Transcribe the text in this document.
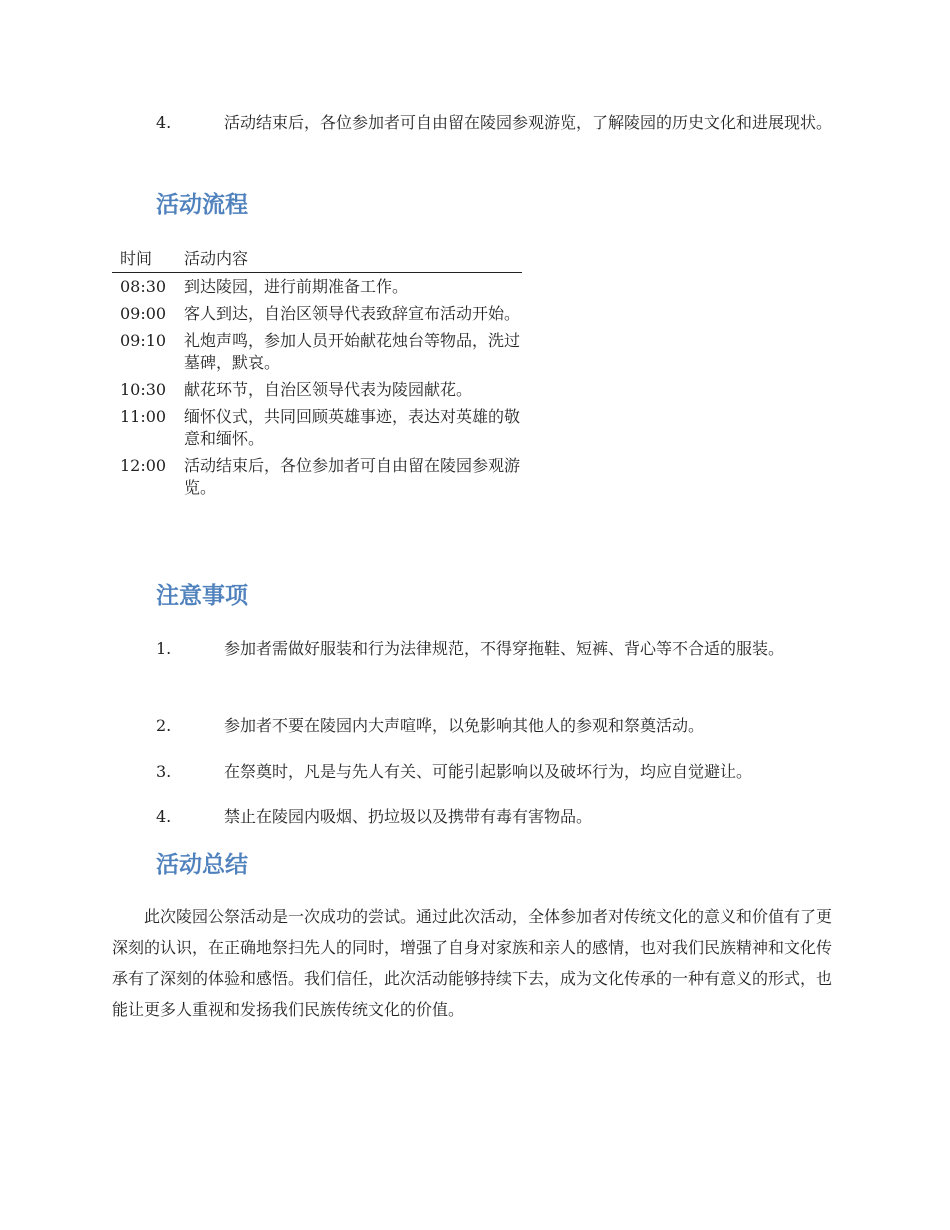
4.	活动结束后，各位参加者可自由留在陵园参观游览，了解陵园的历史文化和进展现状。

活动流程
时间	活动内容
08:30	到达陵园，进行前期准备工作。
09:00	客人到达，自治区领导代表致辞宣布活动开始。
09:10	礼炮声鸣，参加人员开始献花烛台等物品，洗过墓碑，默哀。
10:30	献花环节，自治区领导代表为陵园献花。
11:00	缅怀仪式，共同回顾英雄事迹，表达对英雄的敬意和缅怀。
12:00	活动结束后，各位参加者可自由留在陵园参观游览。
注意事项

1.	参加者需做好服装和行为法律规范，不得穿拖鞋、短裤、背心等不合适的服装。

2.	参加者不要在陵园内大声喧哗，以免影响其他人的参观和祭奠活动。

3.	在祭奠时，凡是与先人有关、可能引起影响以及破坏行为，均应自觉避让。

4.	禁止在陵园内吸烟、扔垃圾以及携带有毒有害物品。

活动总结

此次陵园公祭活动是一次成功的尝试。通过此次活动，全体参加者对传统文化的意义和价值有了更深刻的认识，在正确地祭扫先人的同时，增强了自身对家族和亲人的感情，也对我们民族精神和文化传承有了深刻的体验和感悟。我们信任，此次活动能够持续下去，成为文化传承的一种有意义的形式，也能让更多人重视和发扬我们民族传统文化的价值。
